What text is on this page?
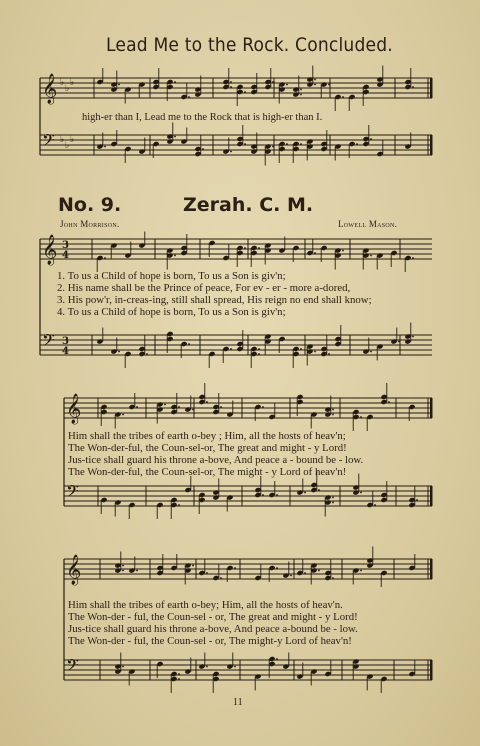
𝄞 ♭
♭
♭
𝄢 ♭
♭
♭
𝄞 3
4
𝄢 3
4
𝄞
𝄢
𝄞
𝄢
Lead Me to the Rock. Concluded.
high-er than I, Lead me to the Rock that is high-er than I.
No. 9.	Zerah. C. M.
John Morrison.	Lowell Mason.
1. To us a Child of hope is born, To us a Son is giv'n;
2. His name shall be the Prince of peace, For ev - er - more a-dored,
3. His pow'r, in-creas-ing, still shall spread, His reign no end shall know;
4. To us a Child of hope is born, To us a Son is giv'n;
Him shall the tribes of earth o-bey ; Him, all the hosts of heav'n;
The Won-der-ful, the Coun-sel-or, The great and might - y Lord!
Jus-tice shall guard his throne a-bove, And peace a - bound be - low.
The Won-der-ful, the Coun-sel-or, The might - y Lord of heav'n!
Him shall the tribes of earth o-bey; Him, all the hosts of heav'n.
The Won-der - ful, the Coun-sel - or, The great and might - y Lord!
Jus-tice shall guard his throne a-bove, And peace a-bound be - low.
The Won-der - ful, the Coun-sel - or, The might-y Lord of heav'n!
11
